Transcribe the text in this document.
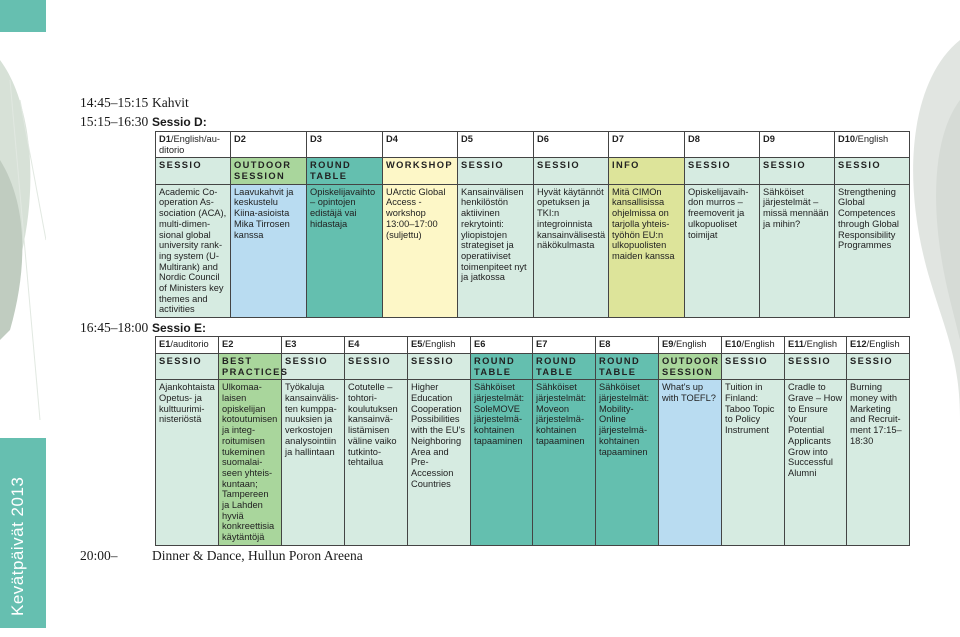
Kevätpäivät 2013
14:45–15:15 Kahvit
15:15–16:30 Sessio D:
D1/English/auditorio	D2	D3	D4	D5	D6	D7	D8	D9	D10/English
SESSIO	OUTDOOR SESSION	ROUND TABLE	WORKSHOP	SESSIO	SESSIO	INFO	SESSIO	SESSIO	SESSIO
Academic Cooperation Association (ACA), multi-dimensional global university ranking system (U-Multirank) and Nordic Council of Ministers key themes and activities	Laavukahvit ja keskustelu Kiina-asioista Mika Tirrosen kanssa	Opiskelijavaihto – opintojen edistäjä vai hidastaja	UArctic Global Access -workshop 13:00–17:00 (suljettu)	Kansainvälisen henkilöstön aktiivinen rekrytointi: yliopistojen strategiset ja operatiiviset toimenpiteet nyt ja jatkossa	Hyvät käytännöt opetuksen ja TKI:n integroinnista kansainvälisestä näkökulmasta	Mitä CIMOn kansallisissa ohjelmissa on tarjolla yhteistyöhön EU:n ulkopuolisten maiden kanssa	Opiskelijavaihdon murros – freemoverit ja ulkopuoliset toimijat	Sähköiset järjestelmät – missä mennään ja mihin?	Strengthening Global Competences through Global Responsibility Programmes
16:45–18:00 Sessio E:
E1/auditorio	E2	E3	E4	E5/English	E6	E7	E8	E9/English	E10/English	E11/English	E12/English
SESSIO	BEST PRACTICES	SESSIO	SESSIO	SESSIO	ROUND TABLE	ROUND TABLE	ROUND TABLE	OUTDOOR SESSION	SESSIO	SESSIO	SESSIO
Ajankohtaista Opetus- ja kulttuuriministeriöstä	Ulkomaalaisen opiskelijan kotoutumisen ja integroitumisen tukeminen suomalaiseen yhteiskuntaan; Tampereen ja Lahden hyviä konkreettisia käytäntöjä	Työkaluja kansainvälisten kumppanuuksien ja verkostojen analysointiin ja hallintaan	Cotutelle – tohtorikoulutuksen kansainvälistämisen väline vaiko tutkintotehtailua	Higher Education Cooperation Possibilities with the EU's Neighboring Area and Pre-Accession Countries	Sähköiset järjestelmät: SoleMOVE järjestelmäkohtainen tapaaminen	Sähköiset järjestelmät: Moveon järjestelmäkohtainen tapaaminen	Sähköiset järjestelmät: Mobility-Online järjestelmäkohtainen tapaaminen	What's up with TOEFL?	Tuition in Finland: Taboo Topic to Policy Instrument	Cradle to Grave – How to Ensure Your Potential Applicants Grow into Successful Alumni	Burning money with Marketing and Recruitment 17:15–18:30
20:00–	Dinner & Dance, Hullun Poron Areena
